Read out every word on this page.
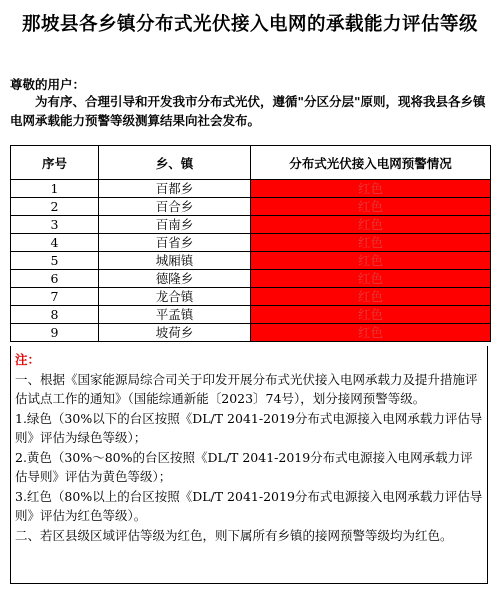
那坡县各乡镇分布式光伏接入电网的承载能力评估等级
尊敬的用户：
为有序、合理引导和开发我市分布式光伏，遵循"分区分层"原则，现将我县各乡镇电网承载能力预警等级测算结果向社会发布。
序号	乡、镇	分布式光伏接入电网预警情况
1	百都乡	红色
2	百合乡	红色
3	百南乡	红色
4	百省乡	红色
5	城厢镇	红色
6	德隆乡	红色
7	龙合镇	红色
8	平孟镇	红色
9	坡荷乡	红色
注：

一、根据《国家能源局综合司关于印发开展分布式光伏接入电网承载力及提升措施评估试点工作的通知》（国能综通新能〔2023〕74号），划分接网预警等级。

1.绿色（30%以下的台区按照《DL/T 2041-2019分布式电源接入电网承载力评估导则》评估为绿色等级）；

2.黄色（30%～80%的台区按照《DL/T 2041-2019分布式电源接入电网承载力评估导则》评估为黄色等级）；

3.红色（80%以上的台区按照《DL/T 2041-2019分布式电源接入电网承载力评估导则》评估为红色等级）。

二、若区县级区域评估等级为红色，则下属所有乡镇的接网预警等级均为红色。
